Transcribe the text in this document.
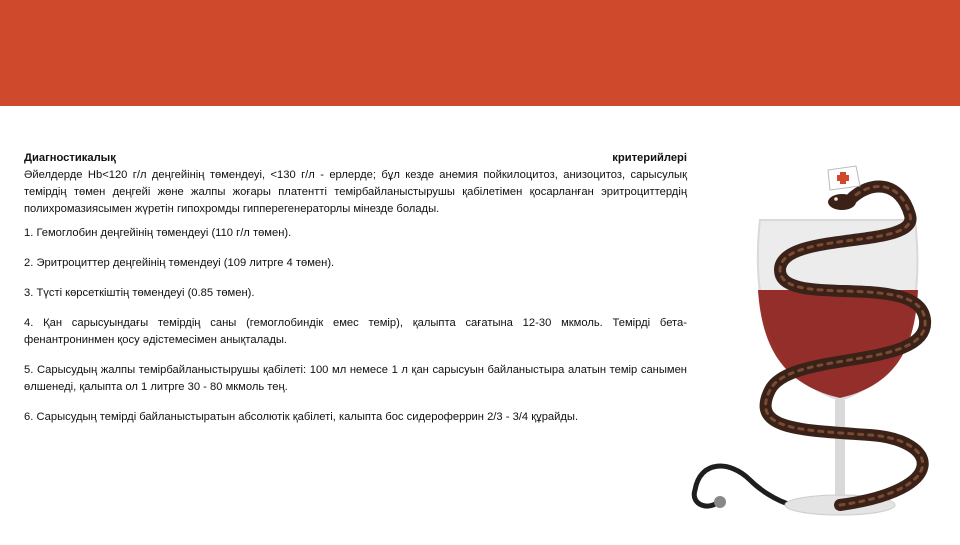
Диагностикалық	критерийлері

Әйелдерде Hb<120 г/л деңгейінің төмендеуі, <130 г/л - ерлерде; бұл кезде анемия пойкилоцитоз, анизоцитоз, сарысулық темірдің төмен деңгейі жөне жалпы жоғары платентті темірбайланыстырушы қабілетімен қосарланған эритроциттердің полихромазиясымен жүретін гипохромды гипперегенераторлы мінезде болады.

1. Гемоглобин деңгейінің төмендеуі (110 г/л төмен).

2. Эритроциттер деңгейінің төмендеуі (109 литрге 4 төмен).

3. Түсті көрсеткіштің төмендеуі (0.85 төмен).

4. Қан сарысуындағы темірдің саны (гемоглобиндік емес темір), қалыпта сағатына 12-30 мкмоль. Темірді бета-фенантронинмен қосу әдістемесімен анықталады.

5. Сарысудың жалпы темірбайланыстырушы қабілеті: 100 мл немесе 1 л қан сарысуын байланыстыра алатын темір санымен өлшенеді, қалыпта ол 1 литрге 30 - 80 мкмоль тең.

6. Сарысудың темірді байланыстыратын абсолютік қабілеті, калыпта бос сидероферрин 2/3 - 3/4 құрайды.
